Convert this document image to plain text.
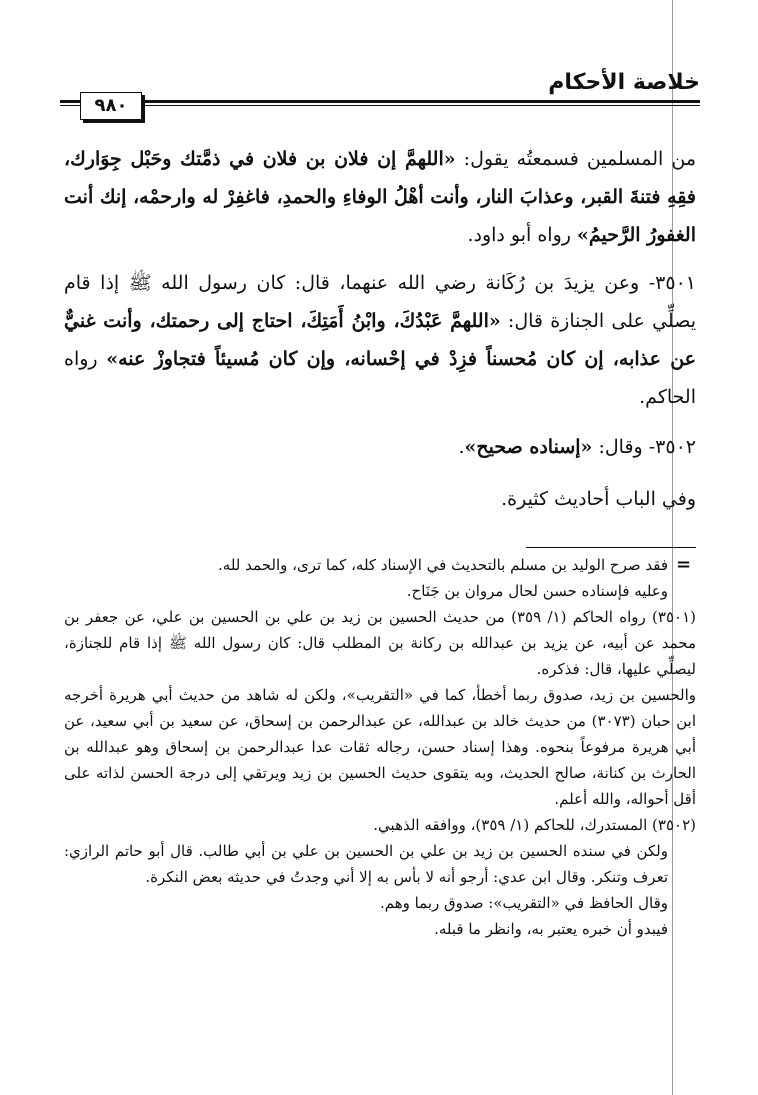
خلاصة الأحكام
٩٨٠

من المسلمين فسمعتُه يقول: «اللهمَّ إن فلان بن فلان في ذمَّتك وحَبْل جِوَارك، فقِهِ فتنةَ القبر، وعذابَ النار، وأنت أهْلُ الوفاءِ والحمدِ، فاغفِرْ له وارحمْه، إنك أنت الغفورُ الرَّحيمُ» رواه أبو داود.

٣٥٠١- وعن يزيدَ بن رُكَانة رضي الله عنهما، قال: كان رسول الله ﷺ إذا قام يصلِّي على الجنازة قال: «اللهمَّ عَبْدُكَ، وابْنُ أَمَتِكَ، احتاج إلى رحمتك، وأنت غنيٌّ عن عذابه، إن كان مُحسناً فزِدْ في إحْسانه، وإن كان مُسيئاً فتجاوزْ عنه» رواه الحاكم.

٣٥٠٢- وقال: «إسناده صحيح».

وفي الباب أحاديث كثيرة.

=

فقد صرح الوليد بن مسلم بالتحديث في الإسناد كله، كما ترى، والحمد لله.

وعليه فإسناده حسن لحال مروان بن جَنَاح.

(٣٥٠١) رواه الحاكم (١/ ٣٥٩) من حديث الحسين بن زيد بن علي بن الحسين بن علي، عن جعفر بن محمد عن أبيه، عن يزيد بن عبدالله بن ركانة بن المطلب قال: كان رسول الله ﷺ إذا قام للجنازة، ليصلِّي عليها، قال: فذكره.

والحسين بن زيد، صدوق ربما أخطأ، كما في «التقريب»، ولكن له شاهد من حديث أبي هريرة أخرجه ابن حبان (٣٠٧٣) من حديث خالد بن عبدالله، عن عبدالرحمن بن إسحاق، عن سعيد بن أبي سعيد، عن أبي هريرة مرفوعاً بنحوه. وهذا إسناد حسن، رجاله ثقات عدا عبدالرحمن بن إسحاق وهو عبدالله بن الحارث بن كنانة، صالح الحديث، وبه يتقوى حديث الحسين بن زيد ويرتقي إلى درجة الحسن لذاته على أقل أحواله، والله أعلم.

(٣٥٠٢) المستدرك، للحاكم (١/ ٣٥٩)، ووافقه الذهبي.

ولكن في سنده الحسين بن زيد بن علي بن الحسين بن علي بن أبي طالب. قال أبو حاتم الرازي: تعرف وتنكر. وقال ابن عدي: أرجو أنه لا بأس به إلا أني وجدتُ في حديثه بعض النكرة.

وقال الحافظ في «التقريب»: صدوق ربما وهم.

فيبدو أن خبره يعتبر به، وانظر ما قبله.
